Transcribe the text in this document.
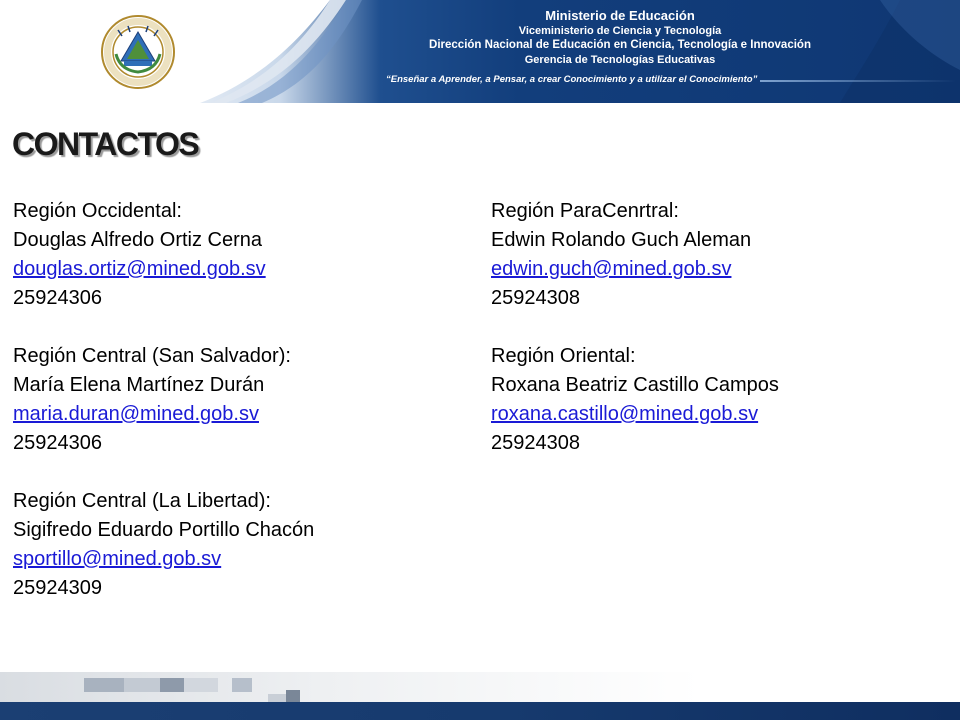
Ministerio de Educación
Viceministerio de Ciencia y Tecnología
Dirección Nacional de Educación en Ciencia, Tecnología e Innovación
Gerencia de Tecnologías Educativas
“Enseñar a Aprender, a Pensar, a crear Conocimiento y a utilizar el Conocimiento”
CONTACTOS
Región Occidental:
Douglas Alfredo Ortiz Cerna
douglas.ortiz@mined.gob.sv
25924306
Región Central (San Salvador):
María Elena Martínez Durán
maria.duran@mined.gob.sv
25924306
Región Central (La Libertad):
Sigifredo Eduardo Portillo Chacón
sportillo@mined.gob.sv
25924309
Región ParaCenrtral:
Edwin Rolando Guch Aleman
edwin.guch@mined.gob.sv
25924308
Región Oriental:
Roxana Beatriz Castillo Campos
roxana.castillo@mined.gob.sv
25924308
